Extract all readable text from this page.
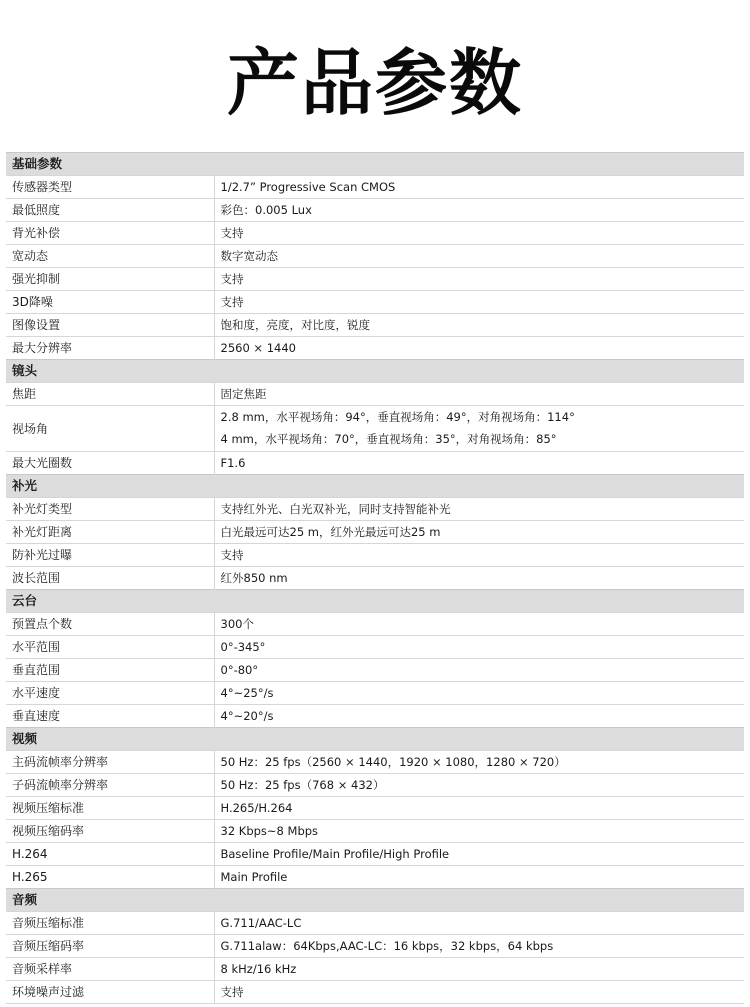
产品参数
基础参数	
传感器类型	1/2.7” Progressive Scan CMOS

最低照度	彩色：0.005 Lux

背光补偿	支持

宽动态	数字宽动态

强光抑制	支持

3D降噪	支持

图像设置	饱和度，亮度，对比度，锐度

最大分辨率	2560 × 1440

镜头	
焦距	固定焦距

视场角	2.8 mm，水平视场角：94°，垂直视场角：49°，对角视场角：114°
4 mm，水平视场角：70°，垂直视场角：35°，对角视场角：85°

最大光圈数	F1.6

补光	
补光灯类型	支持红外光、白光双补光，同时支持智能补光

补光灯距离	白光最远可达25 m，红外光最远可达25 m

防补光过曝	支持

波长范围	红外850 nm

云台	
预置点个数	300个

水平范围	0°-345°

垂直范围	0°-80°

水平速度	4°~25°/s

垂直速度	4°~20°/s

视频	
主码流帧率分辨率	50 Hz：25 fps（2560 × 1440，1920 × 1080，1280 × 720）

子码流帧率分辨率	50 Hz：25 fps（768 × 432）

视频压缩标准	H.265/H.264

视频压缩码率	32 Kbps~8 Mbps

H.264	Baseline Profile/Main Profile/High Profile

H.265	Main Profile

音频	
音频压缩标准	G.711/AAC-LC

音频压缩码率	G.711alaw：64Kbps,AAC-LC：16 kbps，32 kbps，64 kbps

音频采样率	8 kHz/16 kHz

环境噪声过滤	支持
